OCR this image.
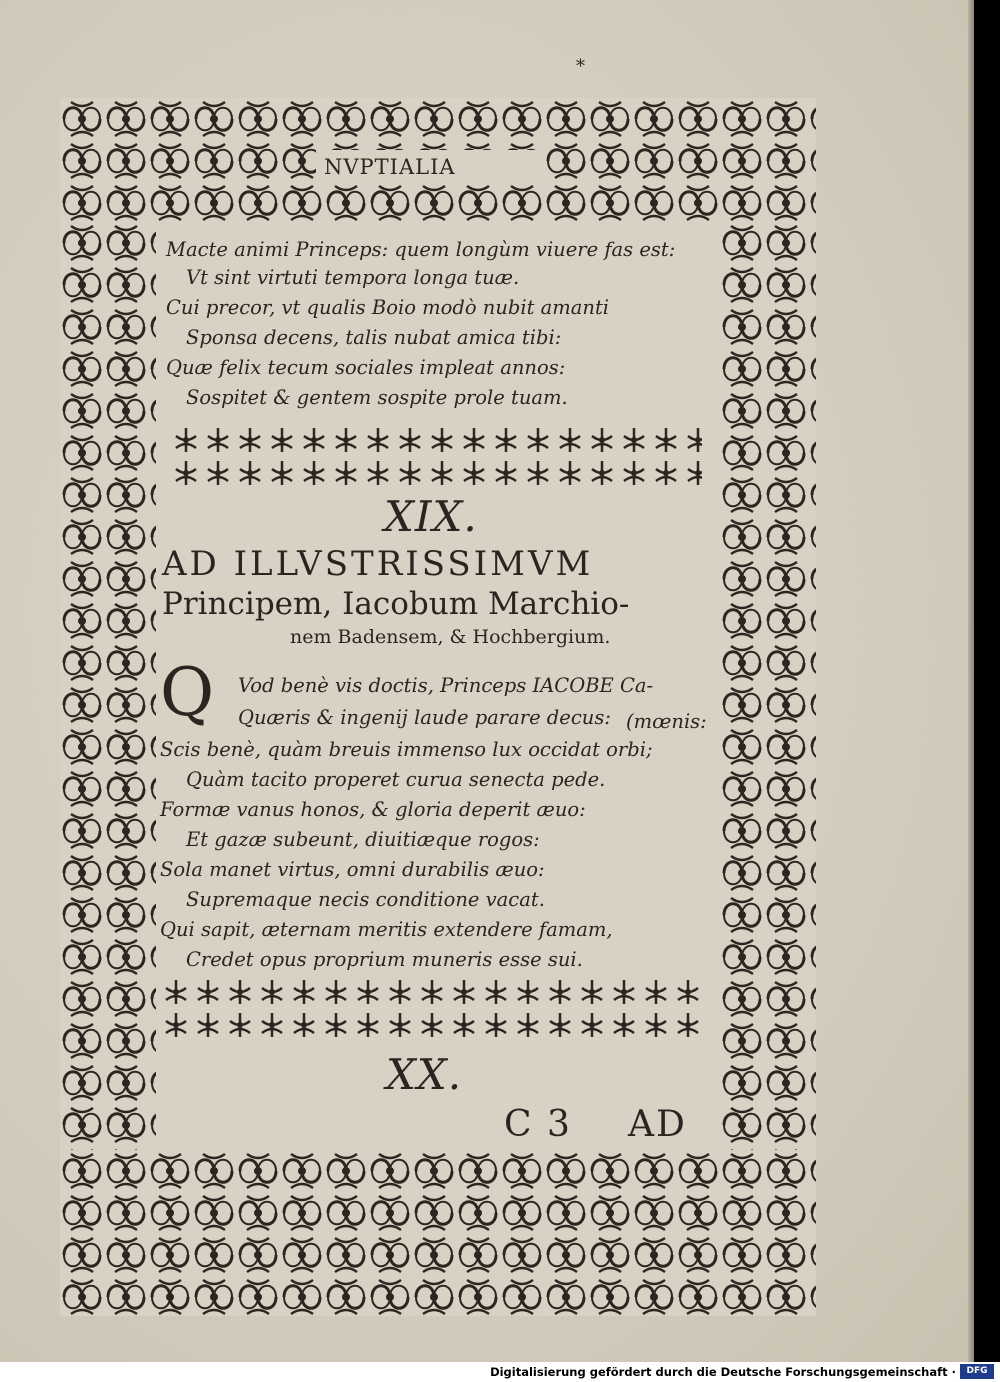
*
NVPTIALIA
Macte animi Princeps: quem longùm viuere fas est:
Vt sint virtuti tempora longa tuæ.
Cui precor, vt qualis Boio modò nubit amanti
Sponsa decens, talis nubat amica tibi:
Quæ felix tecum sociales impleat annos:
Sospitet & gentem sospite prole tuam.
XIX.
AD ILLVSTRISSIMVM
Principem, Iacobum Marchio-
nem Badensem, & Hochbergium.
Q Vod benè vis doctis, Princeps IACOBE Ca-
Quæris & ingenij laude parare decus: (mœnis:
Scis benè, quàm breuis immenso lux occidat orbi;
Quàm tacito properet curua senecta pede.
Formæ vanus honos, & gloria deperit æuo:
Et gazæ subeunt, diuitiæque rogos:
Sola manet virtus, omni durabilis æuo:
Supremaque necis conditione vacat.
Qui sapit, æternam meritis extendere famam,
Credet opus proprium muneris esse sui.
XX.
C 3 AD
Digitalisierung gefördert durch die Deutsche Forschungsgemeinschaft ·	DFG
